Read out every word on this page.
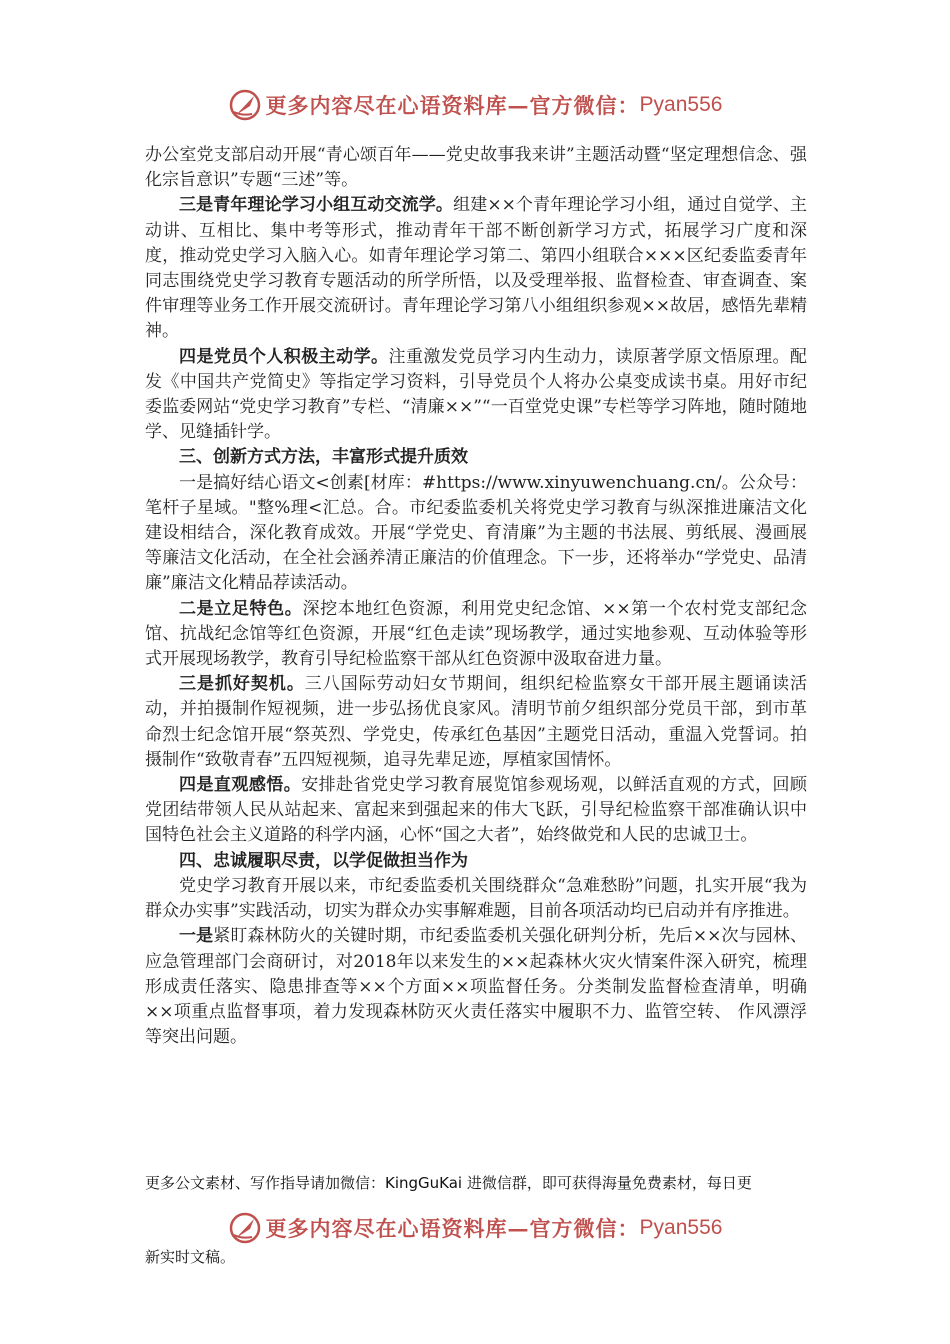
更多内容尽在心语资料库—官方微信： Pyan556

办公室党支部启动开展“青心颂百年——党史故事我来讲”主题活动暨“坚定理想信念、强化宗旨意识”专题“三述”等。

三是青年理论学习小组互动交流学。组建××个青年理论学习小组，通过自觉学、主动讲、互相比、集中考等形式，推动青年干部不断创新学习方式，拓展学习广度和深度，推动党史学习入脑入心。如青年理论学习第二、第四小组联合×××区纪委监委青年同志围绕党史学习教育专题活动的所学所悟，以及受理举报、监督检查、审查调查、案件审理等业务工作开展交流研讨。青年理论学习第八小组组织参观××故居，感悟先辈精神。

四是党员个人积极主动学。注重激发党员学习内生动力，读原著学原文悟原理。配发《中国共产党简史》等指定学习资料，引导党员个人将办公桌变成读书桌。用好市纪委监委网站“党史学习教育”专栏、“清廉××”“一百堂党史课”专栏等学习阵地，随时随地学、见缝插针学。

三、创新方式方法，丰富形式提升质效

一是搞好结心语文<创素[材库：#https://www.xinyuwenchuang.cn/。公众号：笔杆子星域。"整%理<汇总。合。市纪委监委机关将党史学习教育与纵深推进廉洁文化建设相结合，深化教育成效。开展“学党史、育清廉”为主题的书法展、剪纸展、漫画展等廉洁文化活动，在全社会涵养清正廉洁的价值理念。下一步，还将举办“学党史、品清廉”廉洁文化精品荐读活动。

二是立足特色。深挖本地红色资源，利用党史纪念馆、××第一个农村党支部纪念馆、抗战纪念馆等红色资源，开展“红色走读”现场教学，通过实地参观、互动体验等形式开展现场教学，教育引导纪检监察干部从红色资源中汲取奋进力量。

三是抓好契机。三八国际劳动妇女节期间，组织纪检监察女干部开展主题诵读活动，并拍摄制作短视频，进一步弘扬优良家风。清明节前夕组织部分党员干部，到市革命烈士纪念馆开展“祭英烈、学党史，传承红色基因”主题党日活动，重温入党誓词。拍摄制作“致敬青春”五四短视频，追寻先辈足迹，厚植家国情怀。

四是直观感悟。安排赴省党史学习教育展览馆参观场观，以鲜活直观的方式，回顾党团结带领人民从站起来、富起来到强起来的伟大飞跃，引导纪检监察干部准确认识中国特色社会主义道路的科学内涵，心怀“国之大者”，始终做党和人民的忠诚卫士。

四、忠诚履职尽责，以学促做担当作为

党史学习教育开展以来，市纪委监委机关围绕群众“急难愁盼”问题，扎实开展“我为群众办实事”实践活动，切实为群众办实事解难题，目前各项活动均已启动并有序推进。

一是紧盯森林防火的关键时期，市纪委监委机关强化研判分析，先后××次与园林、应急管理部门会商研讨，对2018年以来发生的××起森林火灾火情案件深入研究，梳理形成责任落实、隐患排查等××个方面××项监督任务。分类制发监督检查清单，明确××项重点监督事项，着力发现森林防灭火责任落实中履职不力、监管空转、 作风漂浮等突出问题。

更多公文素材、写作指导请加微信：KingGuKai 进微信群，即可获得海量免费素材，每日更
更多内容尽在心语资料库—官方微信： Pyan556
新实时文稿。
